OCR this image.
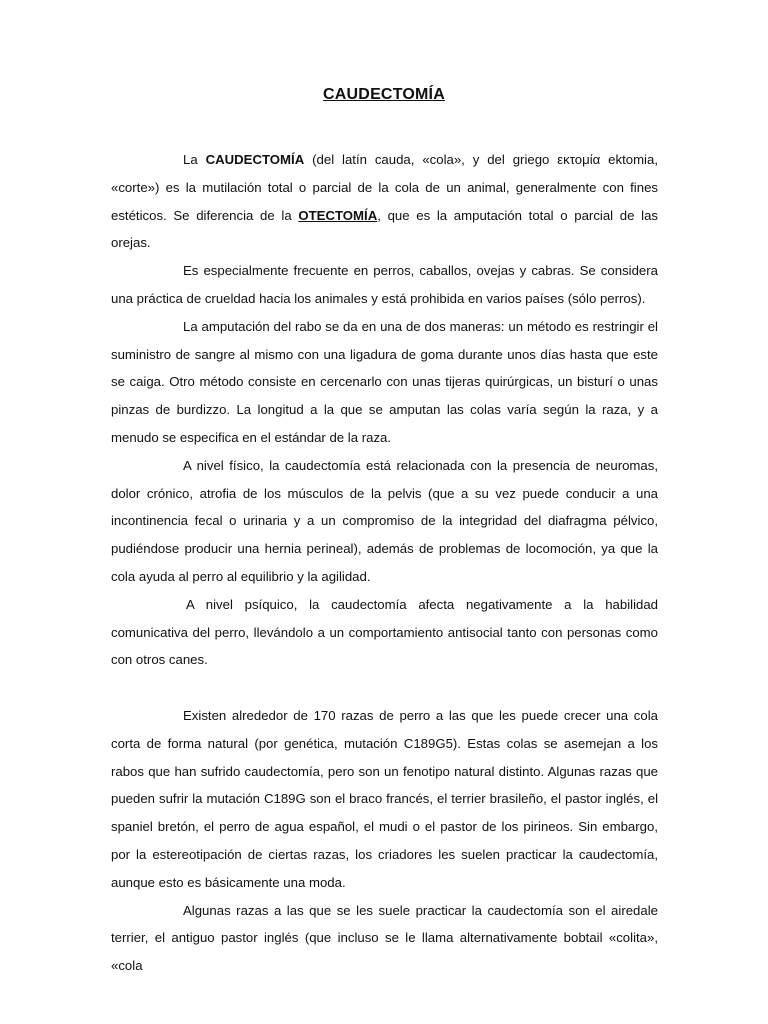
CAUDECTOMÍA

La CAUDECTOMÍA (del latín cauda, «cola», y del griego εκτομία ektomia, «corte») es la mutilación total o parcial de la cola de un animal, generalmente con fines estéticos. Se diferencia de la OTECTOMÍA, que es la amputación total o parcial de las orejas.

Es especialmente frecuente en perros, caballos, ovejas y cabras. Se considera una práctica de crueldad hacia los animales y está prohibida en varios países (sólo perros).

La amputación del rabo se da en una de dos maneras: un método es restringir el suministro de sangre al mismo con una ligadura de goma durante unos días hasta que este se caiga. Otro método consiste en cercenarlo con unas tijeras quirúrgicas, un bisturí o unas pinzas de burdizzo. La longitud a la que se amputan las colas varía según la raza, y a menudo se especifica en el estándar de la raza.

A nivel físico, la caudectomía está relacionada con la presencia de neuromas, dolor crónico, atrofia de los músculos de la pelvis (que a su vez puede conducir a una incontinencia fecal o urinaria y a un compromiso de la integridad del diafragma pélvico, pudiéndose producir una hernia perineal), además de problemas de locomoción, ya que la cola ayuda al perro al equilibrio y la agilidad.

A nivel psíquico, la caudectomía afecta negativamente a la habilidad comunicativa del perro, llevándolo a un comportamiento antisocial tanto con personas como con otros canes.

Existen alrededor de 170 razas de perro a las que les puede crecer una cola corta de forma natural (por genética, mutación C189G5). Estas colas se asemejan a los rabos que han sufrido caudectomía, pero son un fenotipo natural distinto. Algunas razas que pueden sufrir la mutación C189G son el braco francés, el terrier brasileño, el pastor inglés, el spaniel bretón, el perro de agua español, el mudi o el pastor de los pirineos. Sin embargo, por la estereotipación de ciertas razas, los criadores les suelen practicar la caudectomía, aunque esto es básicamente una moda.

Algunas razas a las que se les suele practicar la caudectomía son el airedale terrier, el antiguo pastor inglés (que incluso se le llama alternativamente bobtail «colita», «cola
